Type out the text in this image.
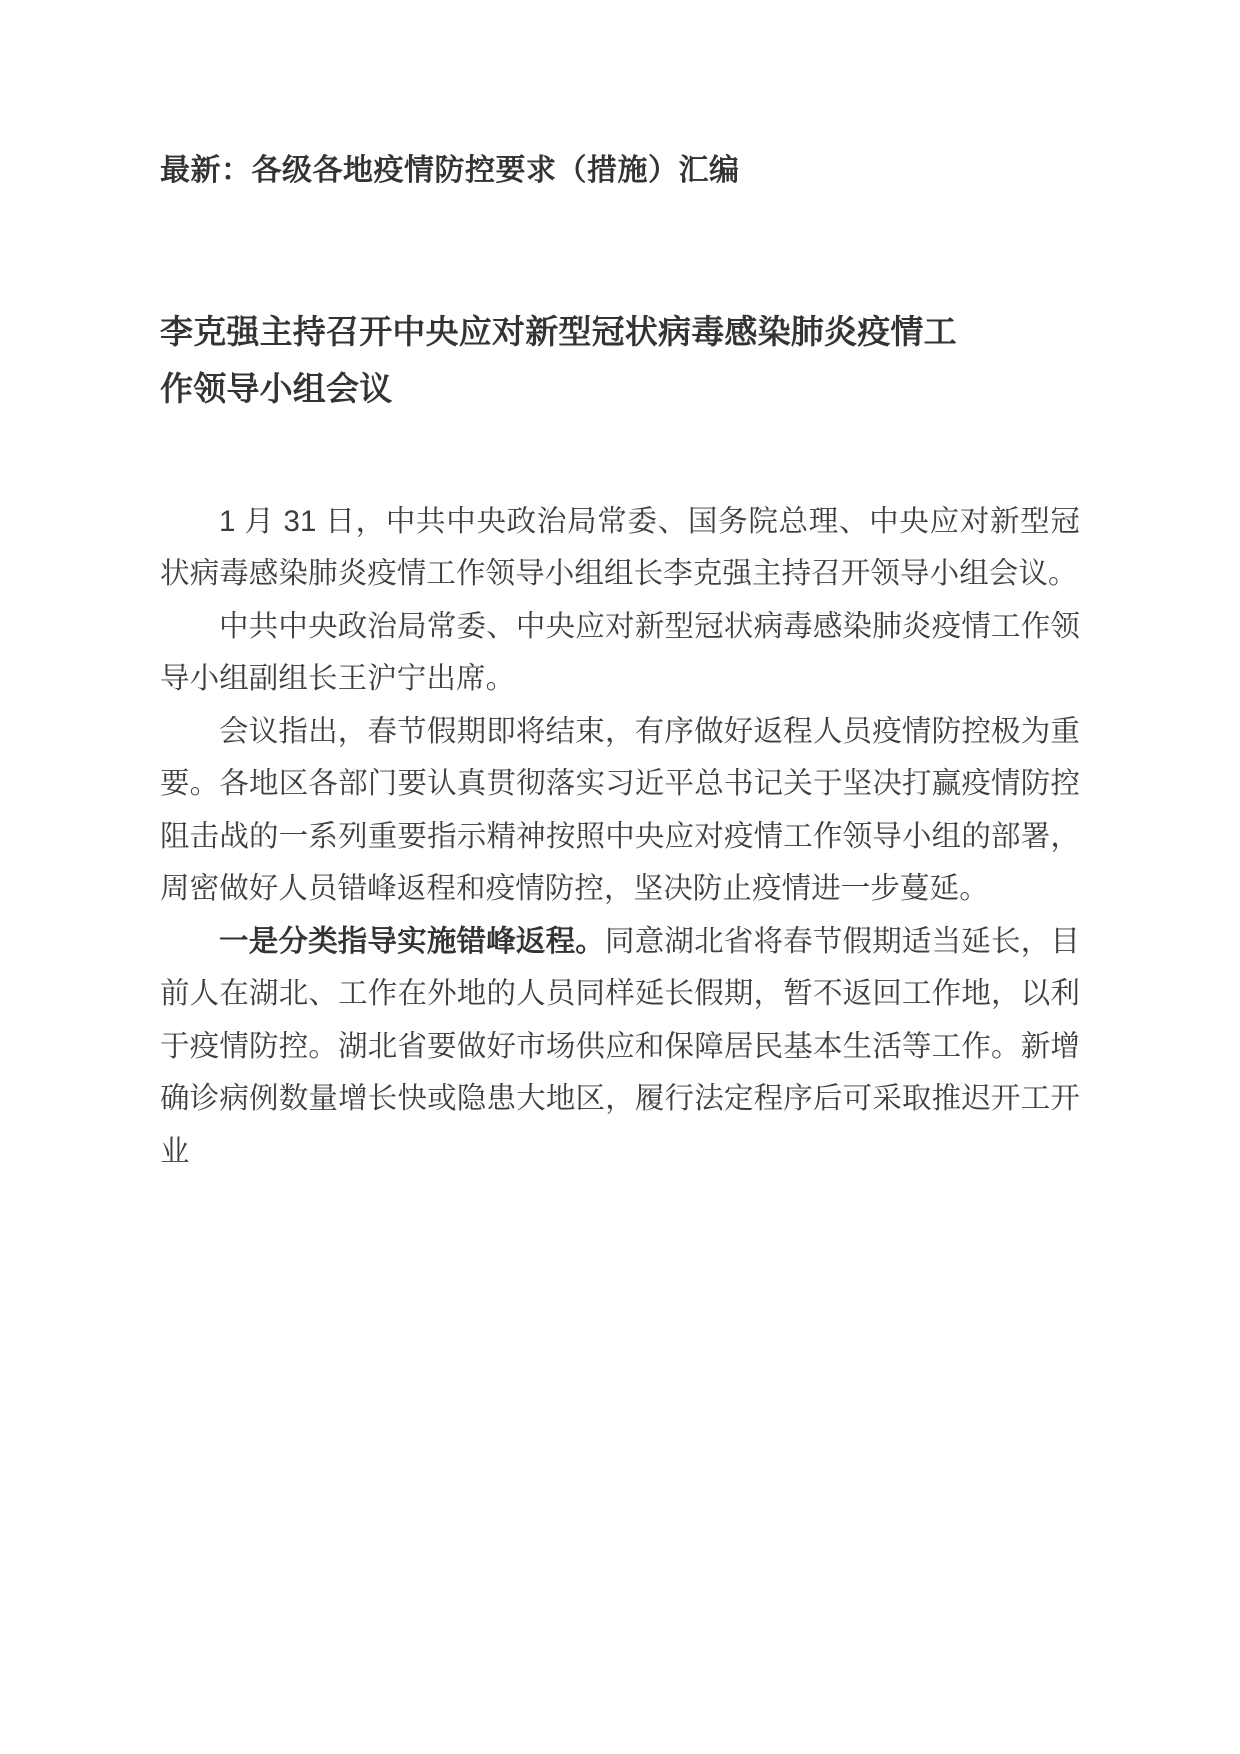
最新：各级各地疫情防控要求（措施）汇编
李克强主持召开中央应对新型冠状病毒感染肺炎疫情工作领导小组会议

1 月 31 日，中共中央政治局常委、国务院总理、中央应对新型冠状病毒感染肺炎疫情工作领导小组组长李克强主持召开领导小组会议。

中共中央政治局常委、中央应对新型冠状病毒感染肺炎疫情工作领导小组副组长王沪宁出席。

会议指出，春节假期即将结束，有序做好返程人员疫情防控极为重要。各地区各部门要认真贯彻落实习近平总书记关于坚决打赢疫情防控阻击战的一系列重要指示精神按照中央应对疫情工作领导小组的部署，周密做好人员错峰返程和疫情防控，坚决防止疫情进一步蔓延。

一是分类指导实施错峰返程。同意湖北省将春节假期适当延长，目前人在湖北、工作在外地的人员同样延长假期，暂不返回工作地，以利于疫情防控。湖北省要做好市场供应和保障居民基本生活等工作。新增确诊病例数量增长快或隐患大地区，履行法定程序后可采取推迟开工开业
